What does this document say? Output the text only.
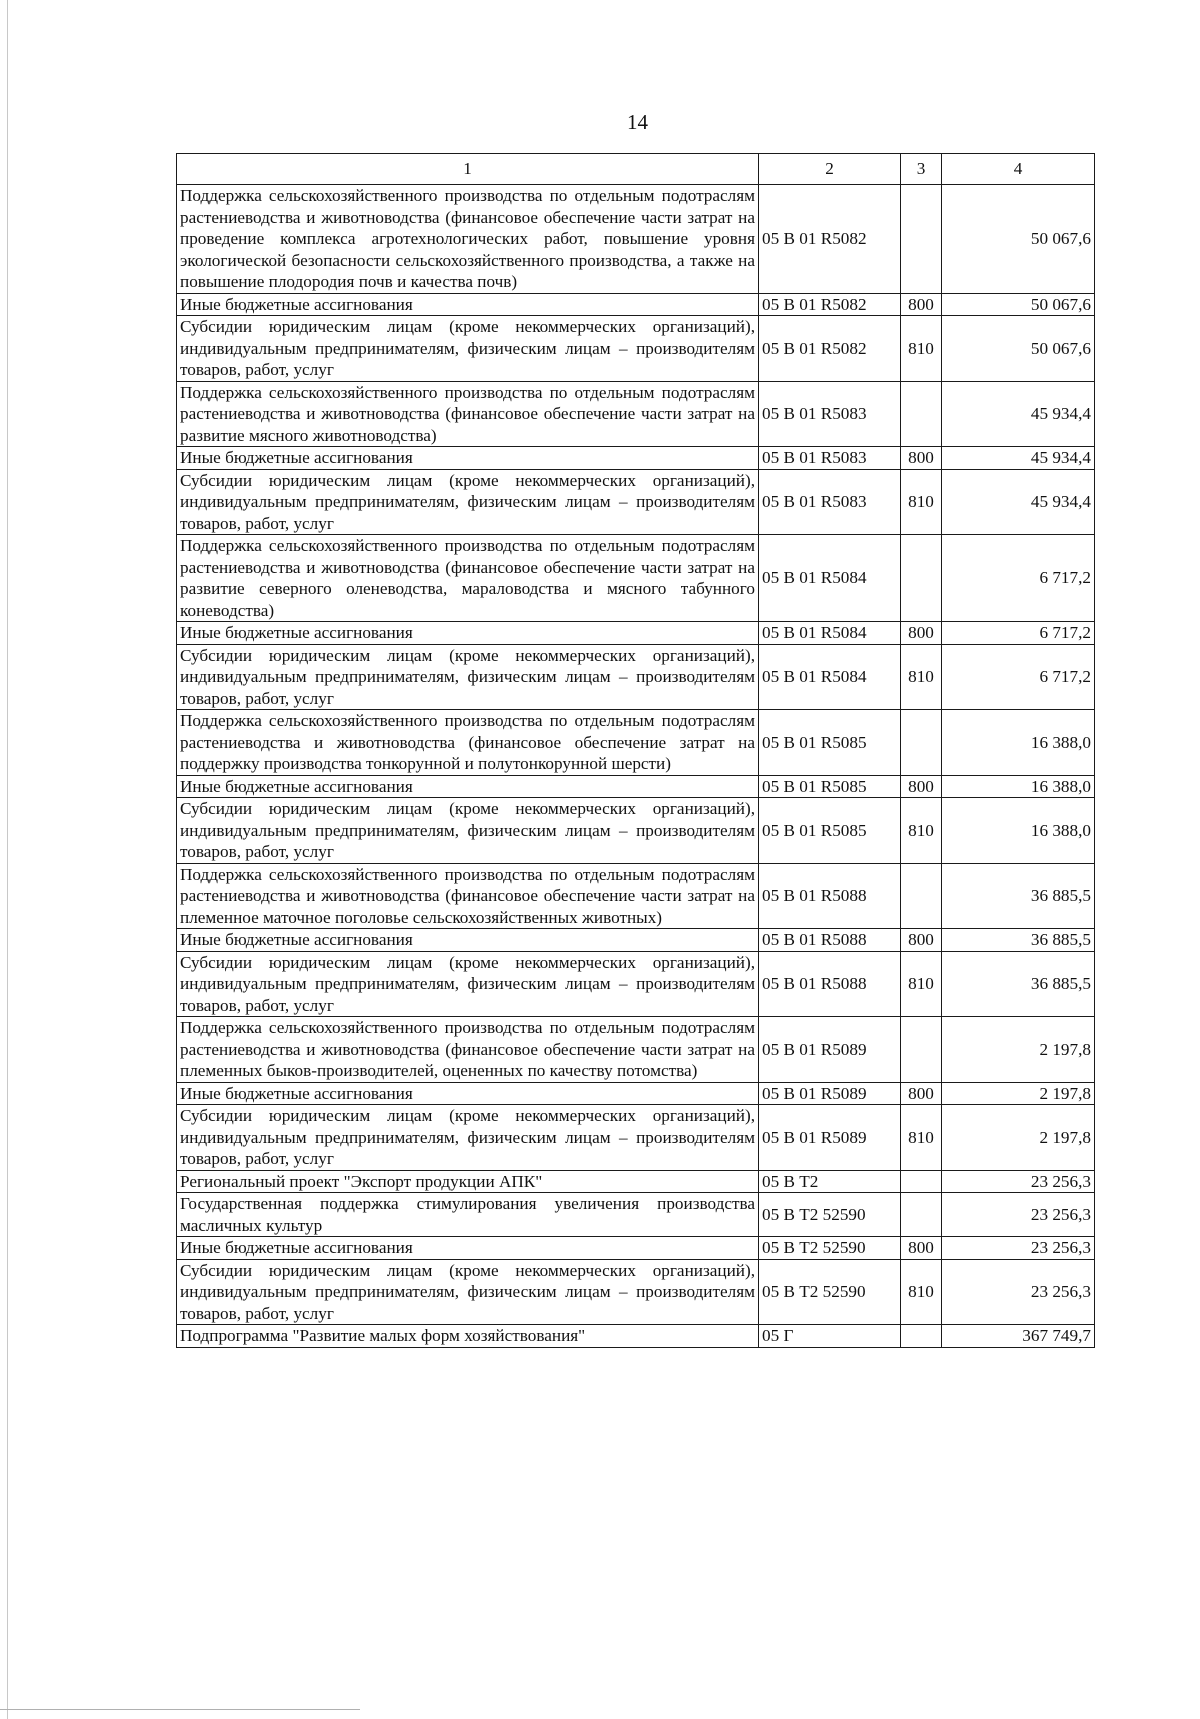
14
1	2	3	4
Поддержка сельскохозяйственного производства по отдельным подотраслям растениеводства и животноводства (финансовое обеспечение части затрат на проведение комплекса агротехнологических работ, повышение уровня экологической безопасности сельскохозяйственного производства, а также на повышение плодородия почв и качества почв)	05 В 01 R5082		50 067,6
Иные бюджетные ассигнования	05 В 01 R5082	800	50 067,6
Субсидии юридическим лицам (кроме некоммерческих организаций), индивидуальным предпринимателям, физическим лицам – производителям товаров, работ, услуг	05 В 01 R5082	810	50 067,6
Поддержка сельскохозяйственного производства по отдельным подотраслям растениеводства и животноводства (финансовое обеспечение части затрат на развитие мясного животноводства)	05 В 01 R5083		45 934,4
Иные бюджетные ассигнования	05 В 01 R5083	800	45 934,4
Субсидии юридическим лицам (кроме некоммерческих организаций), индивидуальным предпринимателям, физическим лицам – производителям товаров, работ, услуг	05 В 01 R5083	810	45 934,4
Поддержка сельскохозяйственного производства по отдельным подотраслям растениеводства и животноводства (финансовое обеспечение части затрат на развитие северного оленеводства, мараловодства и мясного табунного коневодства)	05 В 01 R5084		6 717,2
Иные бюджетные ассигнования	05 В 01 R5084	800	6 717,2
Субсидии юридическим лицам (кроме некоммерческих организаций), индивидуальным предпринимателям, физическим лицам – производителям товаров, работ, услуг	05 В 01 R5084	810	6 717,2
Поддержка сельскохозяйственного производства по отдельным подотраслям растениеводства и животноводства (финансовое обеспечение затрат на поддержку производства тонкорунной и полутонкорунной шерсти)	05 В 01 R5085		16 388,0
Иные бюджетные ассигнования	05 В 01 R5085	800	16 388,0
Субсидии юридическим лицам (кроме некоммерческих организаций), индивидуальным предпринимателям, физическим лицам – производителям товаров, работ, услуг	05 В 01 R5085	810	16 388,0
Поддержка сельскохозяйственного производства по отдельным подотраслям растениеводства и животноводства (финансовое обеспечение части затрат на племенное маточное поголовье сельскохозяйственных животных)	05 В 01 R5088		36 885,5
Иные бюджетные ассигнования	05 В 01 R5088	800	36 885,5
Субсидии юридическим лицам (кроме некоммерческих организаций), индивидуальным предпринимателям, физическим лицам – производителям товаров, работ, услуг	05 В 01 R5088	810	36 885,5
Поддержка сельскохозяйственного производства по отдельным подотраслям растениеводства и животноводства (финансовое обеспечение части затрат на племенных быков-производителей, оцененных по качеству потомства)	05 В 01 R5089		2 197,8
Иные бюджетные ассигнования	05 В 01 R5089	800	2 197,8
Субсидии юридическим лицам (кроме некоммерческих организаций), индивидуальным предпринимателям, физическим лицам – производителям товаров, работ, услуг	05 В 01 R5089	810	2 197,8
Региональный проект "Экспорт продукции АПК"	05 В Т2		23 256,3
Государственная поддержка стимулирования увеличения производства масличных культур	05 В Т2 52590		23 256,3
Иные бюджетные ассигнования	05 В Т2 52590	800	23 256,3
Субсидии юридическим лицам (кроме некоммерческих организаций), индивидуальным предпринимателям, физическим лицам – производителям товаров, работ, услуг	05 В Т2 52590	810	23 256,3
Подпрограмма "Развитие малых форм хозяйствования"	05 Г		367 749,7
